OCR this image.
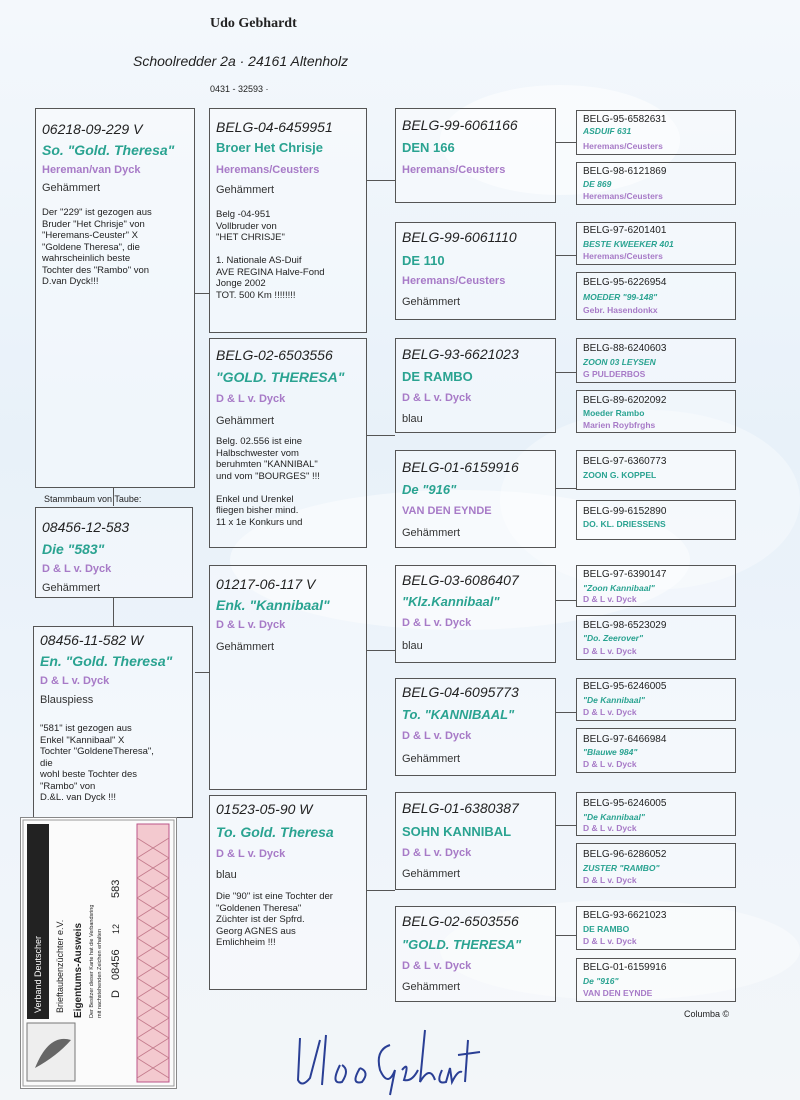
Udo Gebhardt
Schoolredder 2a · 24161 Altenholz
0431 - 32593 ·
06218-09-229 V
So. "Gold. Theresa"
Hereman/van Dyck
Gehämmert
Der "229" ist gezogen aus
Bruder "Het Chrisje" von
"Heremans-Ceuster" X
"Goldene Theresa", die
wahrscheinlich beste
Tochter des "Rambo" von
D.van Dyck!!!
Stammbaum von Taube:
08456-12-583
Die "583"
D & L v. Dyck
Gehämmert
08456-11-582 W
En. "Gold. Theresa"
D & L v. Dyck
Blauspiess
"581" ist gezogen aus
Enkel "Kannibaal" X
Tochter "GoldeneTheresa",
die
wohl beste Tochter des
"Rambo" von
D.&L. van Dyck !!!
BELG-04-6459951
Broer Het Chrisje
Heremans/Ceusters
Gehämmert
Belg -04-951
Vollbruder von
"HET CHRISJE"

1. Nationale AS-Duif
AVE REGINA Halve-Fond
Jonge 2002
TOT. 500 Km !!!!!!!!
BELG-02-6503556
"GOLD. THERESA"
D & L v. Dyck
Gehämmert
Belg. 02.556 ist eine
Halbschwester vom
beruhmten "KANNIBAL"
und vom "BOURGES" !!!

Enkel und Urenkel
fliegen bisher mind.
11 x 1e Konkurs und
01217-06-117 V
Enk. "Kannibaal"
D & L v. Dyck
Gehämmert
01523-05-90 W
To. Gold. Theresa
D & L v. Dyck
blau
Die "90" ist eine Tochter der
"Goldenen Theresa"
Züchter ist der Spfrd.
Georg AGNES aus
Emlichheim !!!
BELG-99-6061166
DEN 166
Heremans/Ceusters
BELG-99-6061110
DE 110
Heremans/Ceusters
Gehämmert
BELG-93-6621023
DE RAMBO
D & L v. Dyck
blau
BELG-01-6159916
De "916"
VAN DEN EYNDE
Gehämmert
BELG-03-6086407
"Klz.Kannibaal"
D & L v. Dyck
blau
BELG-04-6095773
To. "KANNIBAAL"
D & L v. Dyck
Gehämmert
BELG-01-6380387
SOHN KANNIBAL
D & L v. Dyck
Gehämmert
BELG-02-6503556
"GOLD. THERESA"
D & L v. Dyck
Gehämmert
BELG-95-6582631
ASDUIF 631
Heremans/Ceusters
BELG-98-6121869
DE 869
Heremans/Ceusters
BELG-97-6201401
BESTE KWEEKER 401
Heremans/Ceusters
BELG-95-6226954
MOEDER "99-148"
Gebr. Hasendonkx
BELG-88-6240603
ZOON 03 LEYSEN
G PULDERBOS
BELG-89-6202092
Moeder Rambo
Marien Roybfrghs
BELG-97-6360773
ZOON G. KOPPEL
BELG-99-6152890
DO. KL. DRIESSENS
BELG-97-6390147
"Zoon Kannibaal"
D & L v. Dyck
BELG-98-6523029
"Do. Zeerover"
D & L v. Dyck
BELG-95-6246005
"De Kannibaal"
D & L v. Dyck
BELG-97-6466984
"Blauwe 984"
D & L v. Dyck
BELG-95-6246005
"De Kannibaal"
D & L v. Dyck
BELG-96-6286052
ZUSTER "RAMBO"
D & L v. Dyck
BELG-93-6621023
DE RAMBO
D & L v. Dyck
BELG-01-6159916
De "916"
VAN DEN EYNDE
Columba ©
Verband Deutscher Brieftaubenzüchter e.V. Eigentums-Ausweis Der Besitzer dieser Karte hat die Verbandsring mit nachstehenden Zeichen erhalten D
08456
12
583
